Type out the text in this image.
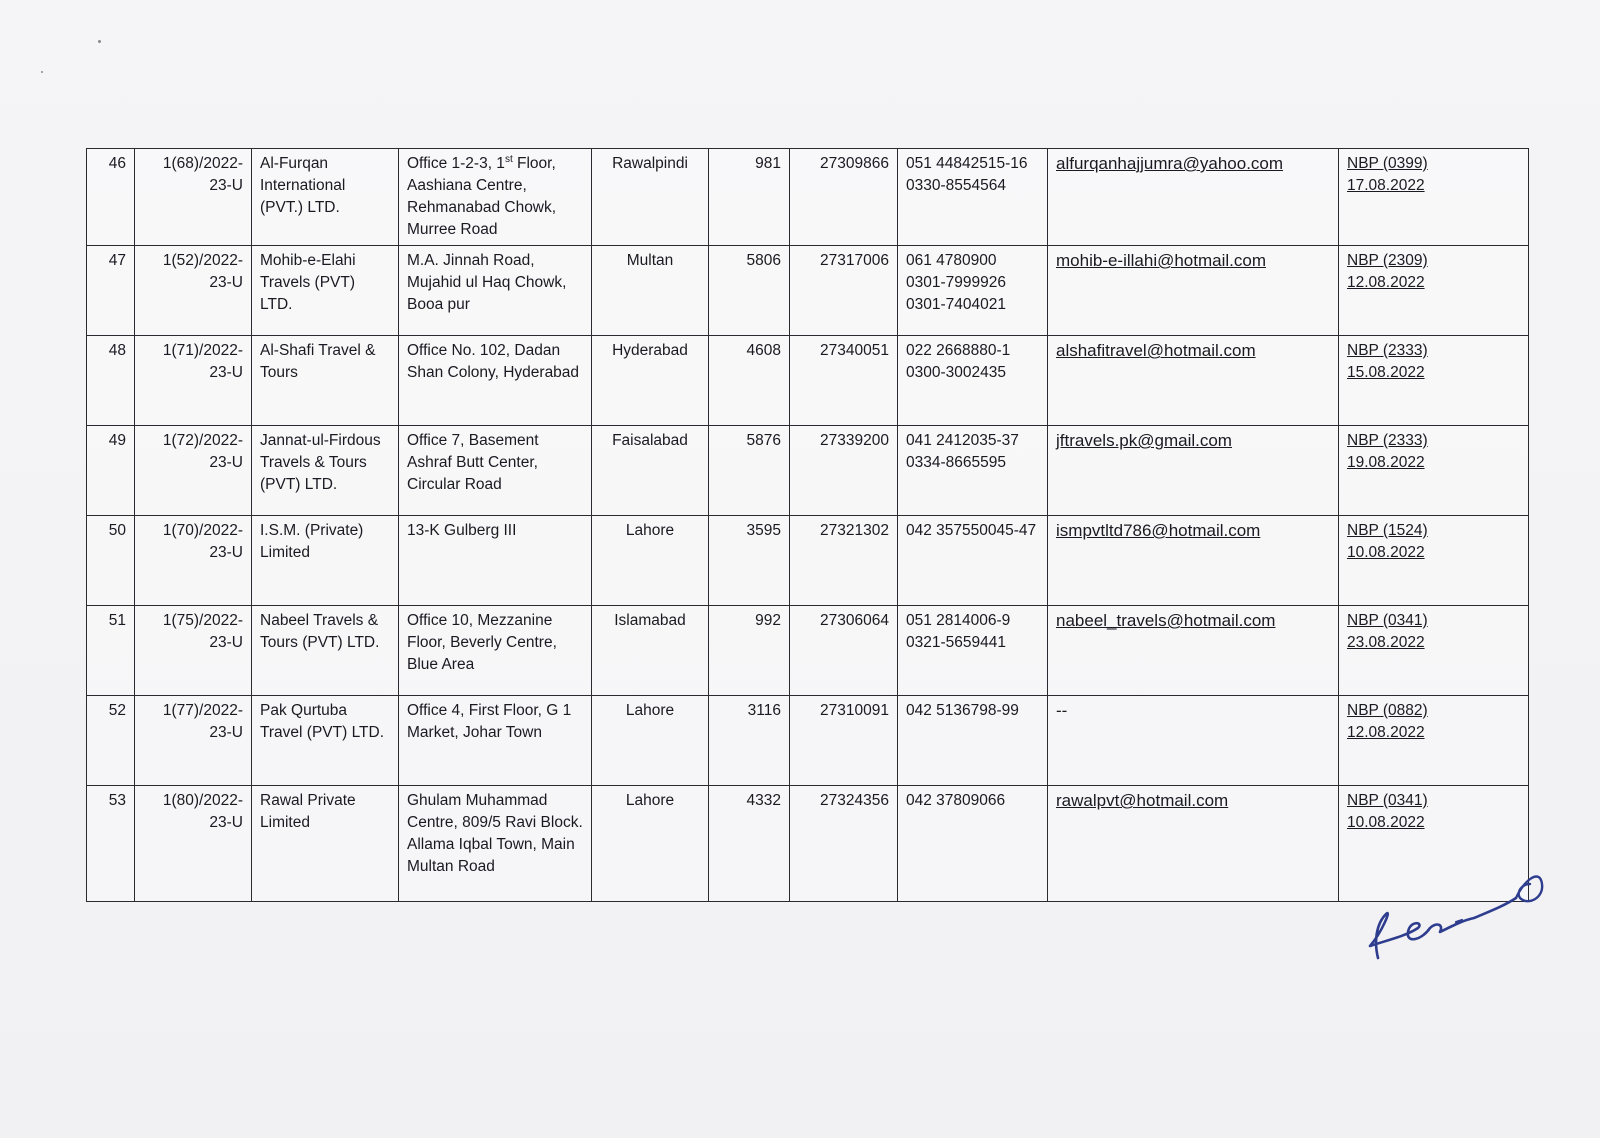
46	1(68)/2022-23-U	Al-Furqan International (PVT.) LTD.	Office 1-2-3, 1st Floor, Aashiana Centre, Rehmanabad Chowk, Murree Road	Rawalpindi	981	27309866	051 44842515-16
0330-8554564	alfurqanhajjumra@yahoo.com	NBP (0399)
17.08.2022

47	1(52)/2022-23-U	Mohib-e-Elahi Travels (PVT) LTD.	M.A. Jinnah Road, Mujahid ul Haq Chowk, Booa pur	Multan	5806	27317006	061 4780900
0301-7999926
0301-7404021	mohib-e-illahi@hotmail.com	NBP (2309)
12.08.2022

48	1(71)/2022-23-U	Al-Shafi Travel & Tours	Office No. 102, Dadan Shan Colony, Hyderabad	Hyderabad	4608	27340051	022 2668880-1
0300-3002435	alshafitravel@hotmail.com	NBP (2333)
15.08.2022

49	1(72)/2022-23-U	Jannat-ul-Firdous Travels & Tours (PVT) LTD.	Office 7, Basement Ashraf Butt Center, Circular Road	Faisalabad	5876	27339200	041 2412035-37
0334-8665595	jftravels.pk@gmail.com	NBP (2333)
19.08.2022

50	1(70)/2022-23-U	I.S.M. (Private) Limited	13-K Gulberg III	Lahore	3595	27321302	042 357550045-47	ismpvtltd786@hotmail.com	NBP (1524)
10.08.2022

51	1(75)/2022-23-U	Nabeel Travels & Tours (PVT) LTD.	Office 10, Mezzanine Floor, Beverly Centre, Blue Area	Islamabad	992	27306064	051 2814006-9
0321-5659441	nabeel_travels@hotmail.com	NBP (0341)
23.08.2022

52	1(77)/2022-23-U	Pak Qurtuba Travel (PVT) LTD.	Office 4, First Floor, G 1 Market, Johar Town	Lahore	3116	27310091	042 5136798-99	--	NBP (0882)
12.08.2022

53	1(80)/2022-23-U	Rawal Private Limited	Ghulam Muhammad Centre, 809/5 Ravi Block. Allama Iqbal Town, Main Multan Road	Lahore	4332	27324356	042 37809066	rawalpvt@hotmail.com	NBP (0341)
10.08.2022
